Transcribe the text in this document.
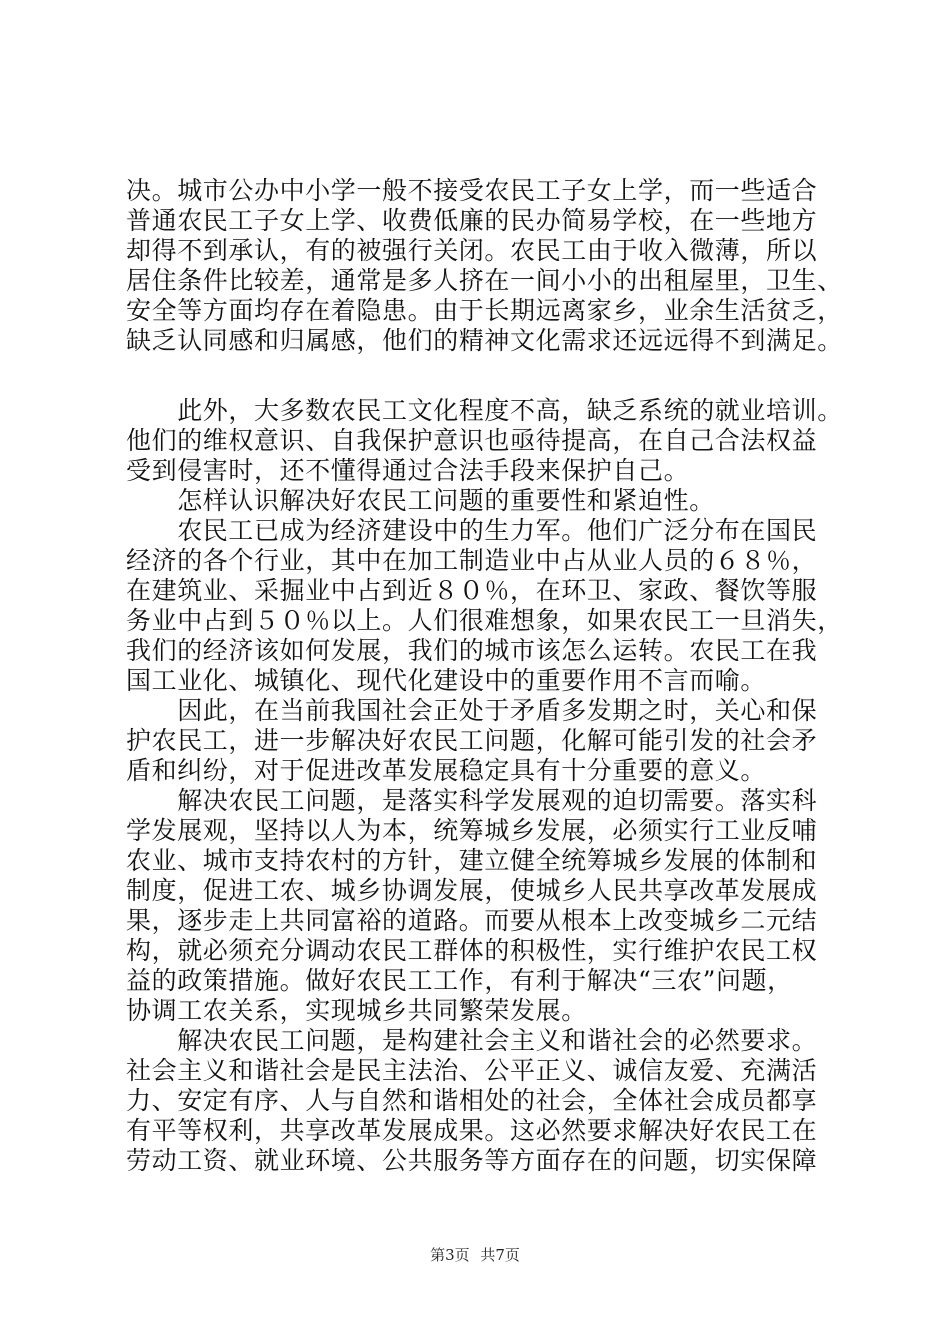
决。城市公办中小学一般不接受农民工子女上学，而一些适合
普通农民工子女上学、收费低廉的民办简易学校，在一些地方
却得不到承认，有的被强行关闭。农民工由于收入微薄，所以
居住条件比较差，通常是多人挤在一间小小的出租屋里，卫生、
安全等方面均存在着隐患。由于长期远离家乡，业余生活贫乏，
缺乏认同感和归属感，他们的精神文化需求还远远得不到满足。
　　此外，大多数农民工文化程度不高，缺乏系统的就业培训。
他们的维权意识、自我保护意识也亟待提高，在自己合法权益
受到侵害时，还不懂得通过合法手段来保护自己。
　　怎样认识解决好农民工问题的重要性和紧迫性。
　　农民工已成为经济建设中的生力军。他们广泛分布在国民
经济的各个行业，其中在加工制造业中占从业人员的６８％，
在建筑业、采掘业中占到近８０％，在环卫、家政、餐饮等服
务业中占到５０％以上。人们很难想象，如果农民工一旦消失，
我们的经济该如何发展，我们的城市该怎么运转。农民工在我
国工业化、城镇化、现代化建设中的重要作用不言而喻。
　　因此，在当前我国社会正处于矛盾多发期之时，关心和保
护农民工，进一步解决好农民工问题，化解可能引发的社会矛
盾和纠纷，对于促进改革发展稳定具有十分重要的意义。
　　解决农民工问题，是落实科学发展观的迫切需要。落实科
学发展观，坚持以人为本，统筹城乡发展，必须实行工业反哺
农业、城市支持农村的方针，建立健全统筹城乡发展的体制和
制度，促进工农、城乡协调发展，使城乡人民共享改革发展成
果，逐步走上共同富裕的道路。而要从根本上改变城乡二元结
构，就必须充分调动农民工群体的积极性，实行维护农民工权
益的政策措施。做好农民工工作，有利于解决“三农”问题，
协调工农关系，实现城乡共同繁荣发展。
　　解决农民工问题，是构建社会主义和谐社会的必然要求。
社会主义和谐社会是民主法治、公平正义、诚信友爱、充满活
力、安定有序、人与自然和谐相处的社会，全体社会成员都享
有平等权利，共享改革发展成果。这必然要求解决好农民工在
劳动工资、就业环境、公共服务等方面存在的问题，切实保障
第3页 共7页
